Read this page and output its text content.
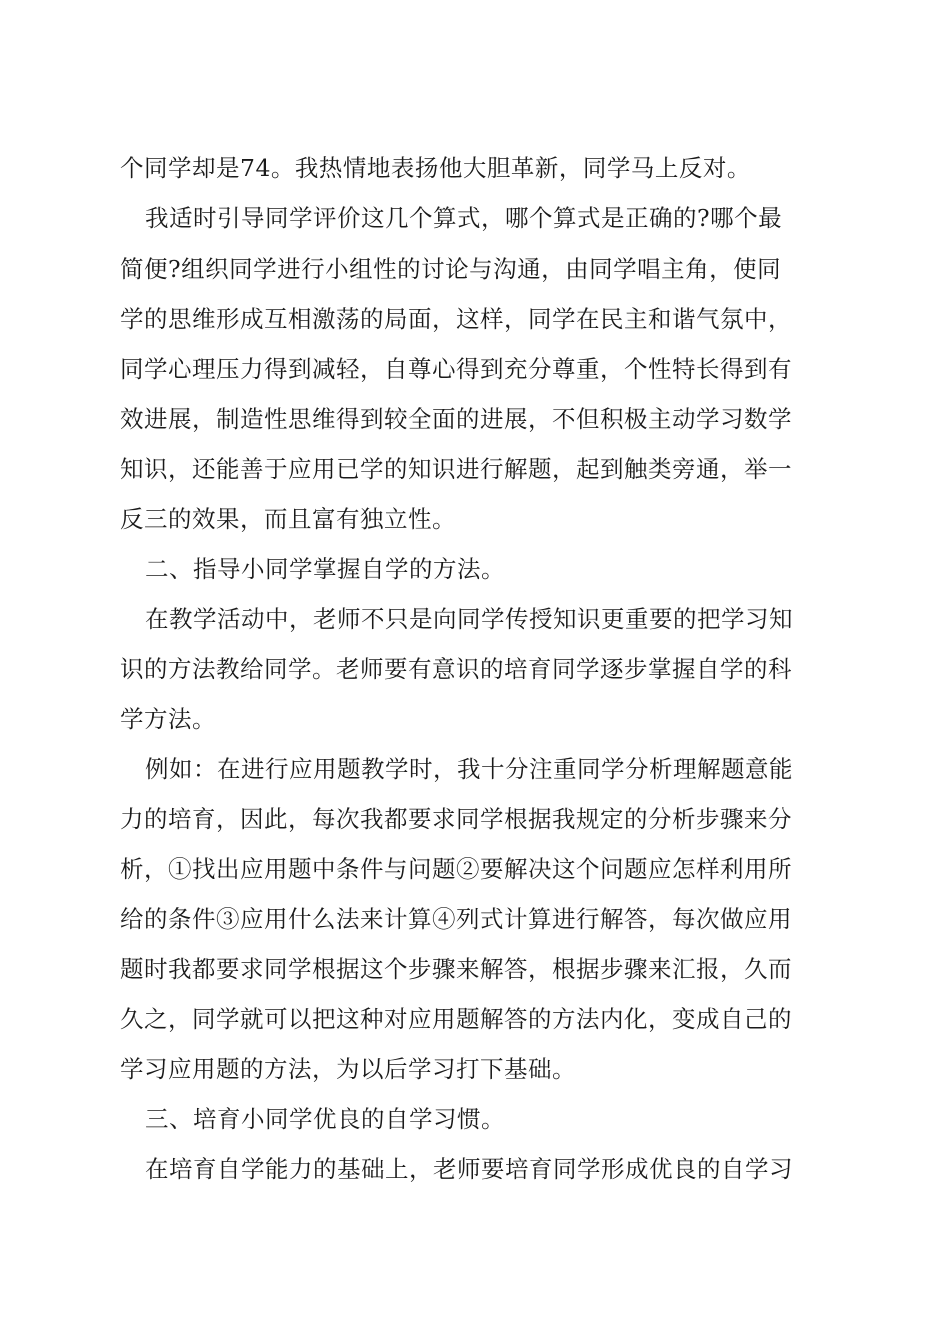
个同学却是74。我热情地表扬他大胆革新，同学马上反对。
我适时引导同学评价这几个算式，哪个算式是正确的?哪个最
简便?组织同学进行小组性的讨论与沟通，由同学唱主角，使同
学的思维形成互相激荡的局面，这样，同学在民主和谐气氛中，
同学心理压力得到减轻，自尊心得到充分尊重，个性特长得到有
效进展，制造性思维得到较全面的进展，不但积极主动学习数学
知识，还能善于应用已学的知识进行解题，起到触类旁通，举一
反三的效果，而且富有独立性。
二、指导小同学掌握自学的方法。
在教学活动中，老师不只是向同学传授知识更重要的把学习知
识的方法教给同学。老师要有意识的培育同学逐步掌握自学的科
学方法。
例如：在进行应用题教学时，我十分注重同学分析理解题意能
力的培育，因此，每次我都要求同学根据我规定的分析步骤来分
析，①找出应用题中条件与问题②要解决这个问题应怎样利用所
给的条件③应用什么法来计算④列式计算进行解答，每次做应用
题时我都要求同学根据这个步骤来解答，根据步骤来汇报，久而
久之，同学就可以把这种对应用题解答的方法内化，变成自己的
学习应用题的方法，为以后学习打下基础。
三、培育小同学优良的自学习惯。
在培育自学能力的基础上，老师要培育同学形成优良的自学习
